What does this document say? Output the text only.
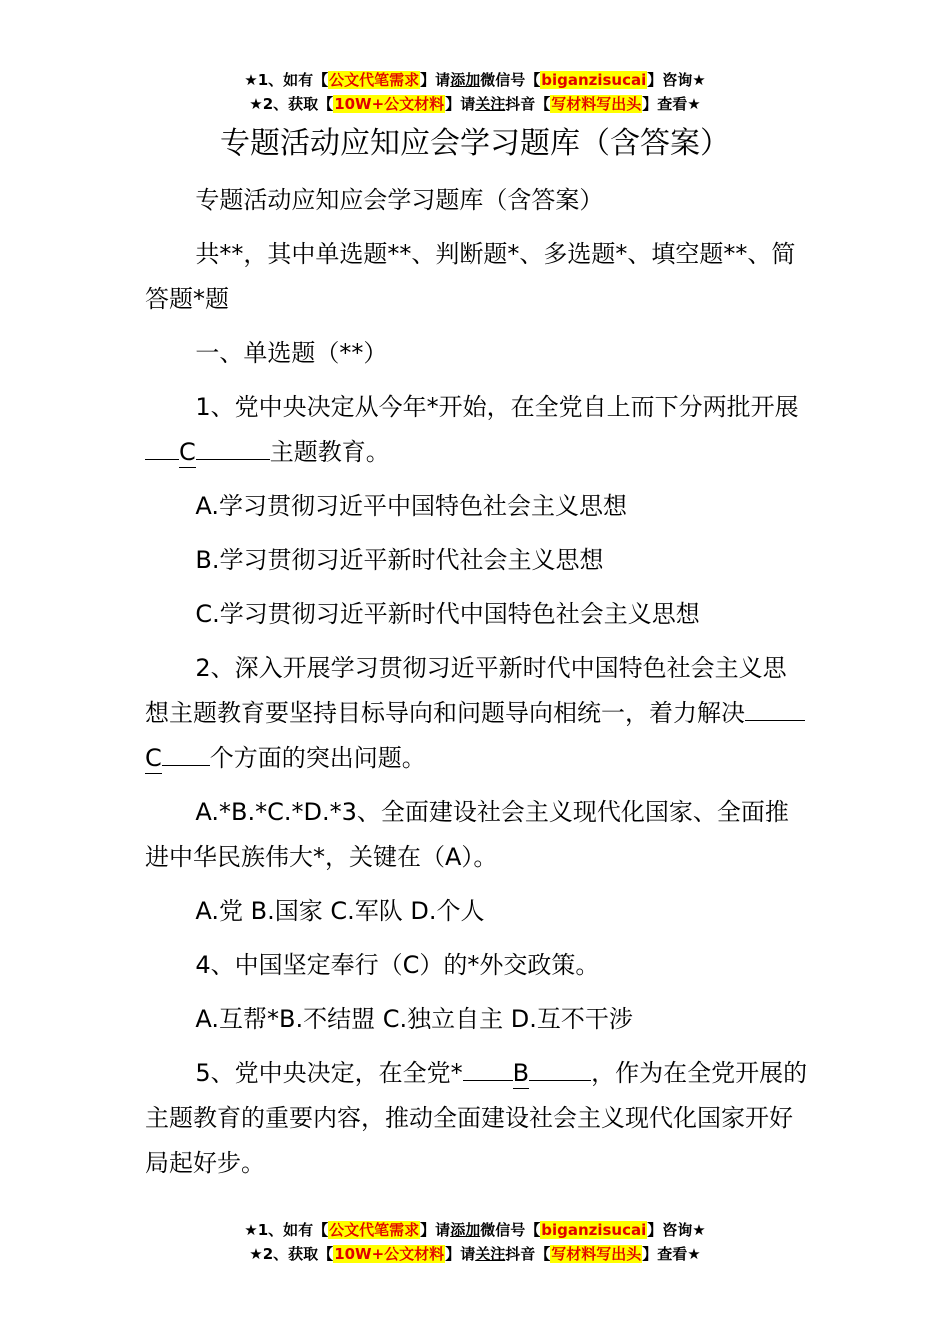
★1、如有【公文代笔需求】请添加微信号【biganzisucai】咨询★
★2、获取【10W+公文材料】请关注抖音【写材料写出头】查看★
专题活动应知应会学习题库（含答案）

专题活动应知应会学习题库（含答案）

共**，其中单选题**、判断题*、多选题*、填空题**、简答题*题

一、单选题（**）

1、党中央决定从今年*开始，在全党自上而下分两批开展C	主题教育。

A.学习贯彻习近平中国特色社会主义思想

B.学习贯彻习近平新时代社会主义思想

C.学习贯彻习近平新时代中国特色社会主义思想

2、深入开展学习贯彻习近平新时代中国特色社会主义思想主题教育要坚持目标导向和问题导向相统一，着力解决C 个方面的突出问题。

A.*B.*C.*D.*3、全面建设社会主义现代化国家、全面推进中华民族伟大*，关键在（A）。

A.党 B.国家 C.军队 D.个人

4、中国坚定奉行（C）的*外交政策。

A.互帮*B.不结盟 C.独立自主 D.互不干涉

5、党中央决定，在全党* B	，作为在全党开展的主题教育的重要内容，推动全面建设社会主义现代化国家开好局起好步。

★1、如有【公文代笔需求】请添加微信号【biganzisucai】咨询★
★2、获取【10W+公文材料】请关注抖音【写材料写出头】查看★
